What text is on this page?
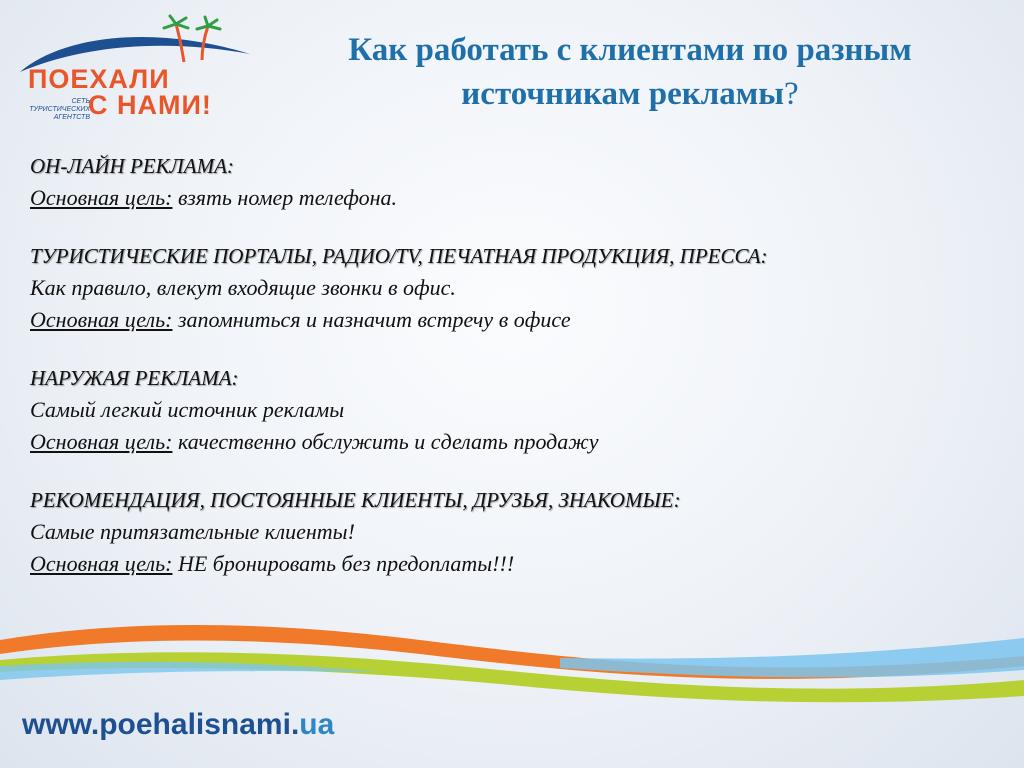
ПОЕХАЛИ
С НАМИ!
СЕТЬ ТУРИСТИЧЕСКИХ АГЕНТСТВ
Как работать с клиентами по разным источникам рекламы?
ОН-ЛАЙН РЕКЛАМА:
Основная цель: взять номер телефона.
ТУРИСТИЧЕСКИЕ ПОРТАЛЫ, РАДИО/TV, ПЕЧАТНАЯ ПРОДУКЦИЯ, ПРЕССА:
Как правило, влекут входящие звонки в офис.
Основная цель: запомниться и назначит встречу в офисе
НАРУЖАЯ РЕКЛАМА:
Самый легкий источник рекламы
Основная цель: качественно обслужить и сделать продажу
РЕКОМЕНДАЦИЯ, ПОСТОЯННЫЕ КЛИЕНТЫ, ДРУЗЬЯ, ЗНАКОМЫЕ:
Самые притязательные клиенты!
Основная цель: НЕ бронировать без предоплаты!!!
www.poehalisnami.ua
